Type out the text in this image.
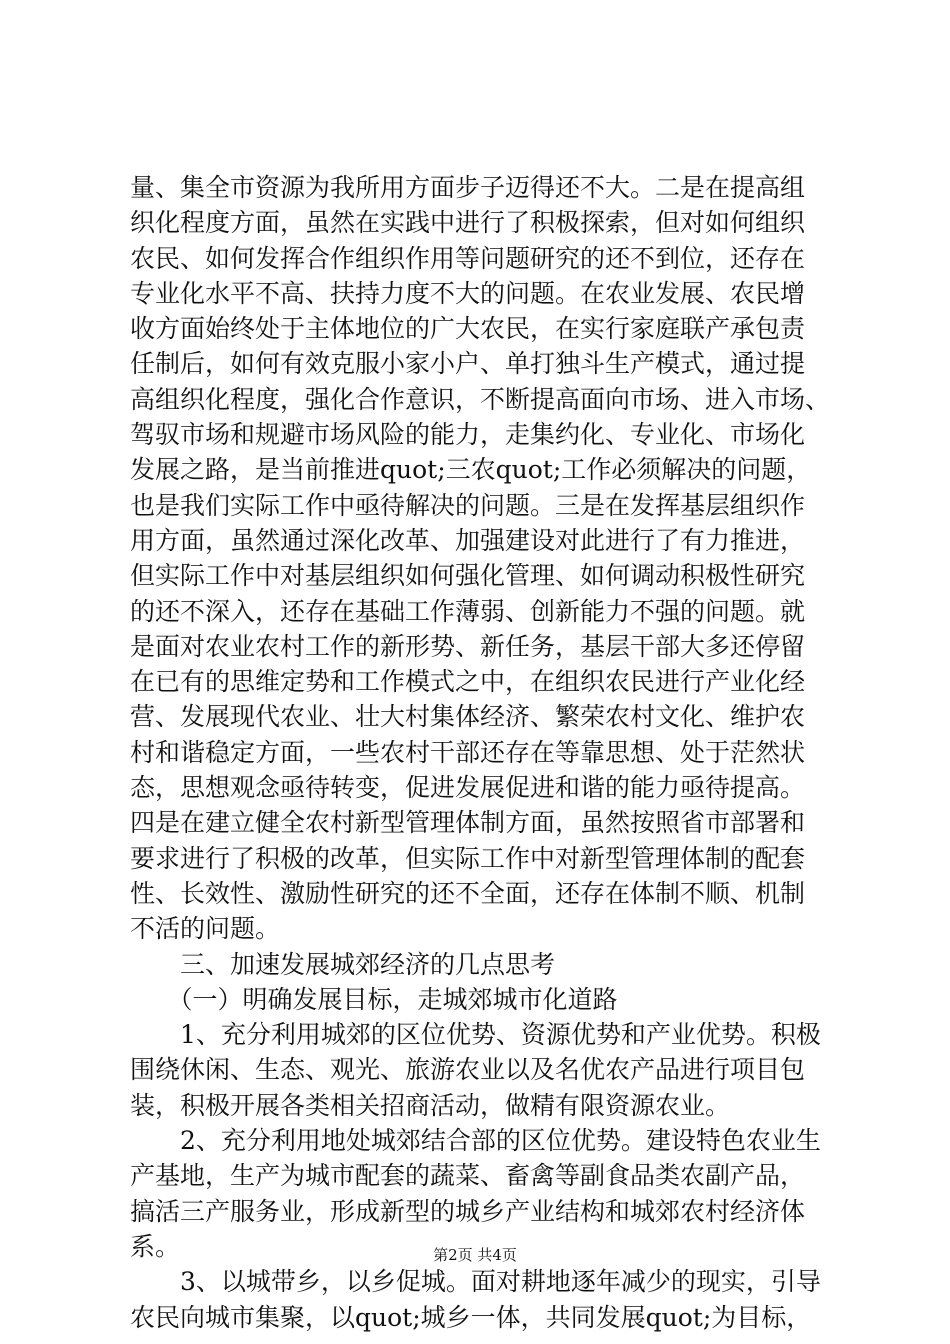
量、集全市资源为我所用方面步子迈得还不大。二是在提高组
织化程度方面，虽然在实践中进行了积极探索，但对如何组织
农民、如何发挥合作组织作用等问题研究的还不到位，还存在
专业化水平不高、扶持力度不大的问题。在农业发展、农民增
收方面始终处于主体地位的广大农民，在实行家庭联产承包责
任制后，如何有效克服小家小户、单打独斗生产模式，通过提
高组织化程度，强化合作意识，不断提高面向市场、进入市场、
驾驭市场和规避市场风险的能力，走集约化、专业化、市场化
发展之路，是当前推进quot;三农quot;工作必须解决的问题，
也是我们实际工作中亟待解决的问题。三是在发挥基层组织作
用方面，虽然通过深化改革、加强建设对此进行了有力推进，
但实际工作中对基层组织如何强化管理、如何调动积极性研究
的还不深入，还存在基础工作薄弱、创新能力不强的问题。就
是面对农业农村工作的新形势、新任务，基层干部大多还停留
在已有的思维定势和工作模式之中，在组织农民进行产业化经
营、发展现代农业、壮大村集体经济、繁荣农村文化、维护农
村和谐稳定方面，一些农村干部还存在等靠思想、处于茫然状
态，思想观念亟待转变，促进发展促进和谐的能力亟待提高。
四是在建立健全农村新型管理体制方面，虽然按照省市部署和
要求进行了积极的改革，但实际工作中对新型管理体制的配套
性、长效性、激励性研究的还不全面，还存在体制不顺、机制
不活的问题。
　　三、加速发展城郊经济的几点思考
　　（一）明确发展目标，走城郊城市化道路
　　1、充分利用城郊的区位优势、资源优势和产业优势。积极
围绕休闲、生态、观光、旅游农业以及名优农产品进行项目包
装，积极开展各类相关招商活动，做精有限资源农业。
　　2、充分利用地处城郊结合部的区位优势。建设特色农业生
产基地，生产为城市配套的蔬菜、畜禽等副食品类农副产品，
搞活三产服务业，形成新型的城乡产业结构和城郊农村经济体
系。
　　3、以城带乡，以乡促城。面对耕地逐年减少的现实，引导
农民向城市集聚，以quot;城乡一体，共同发展quot;为目标，
第2页 共4页
